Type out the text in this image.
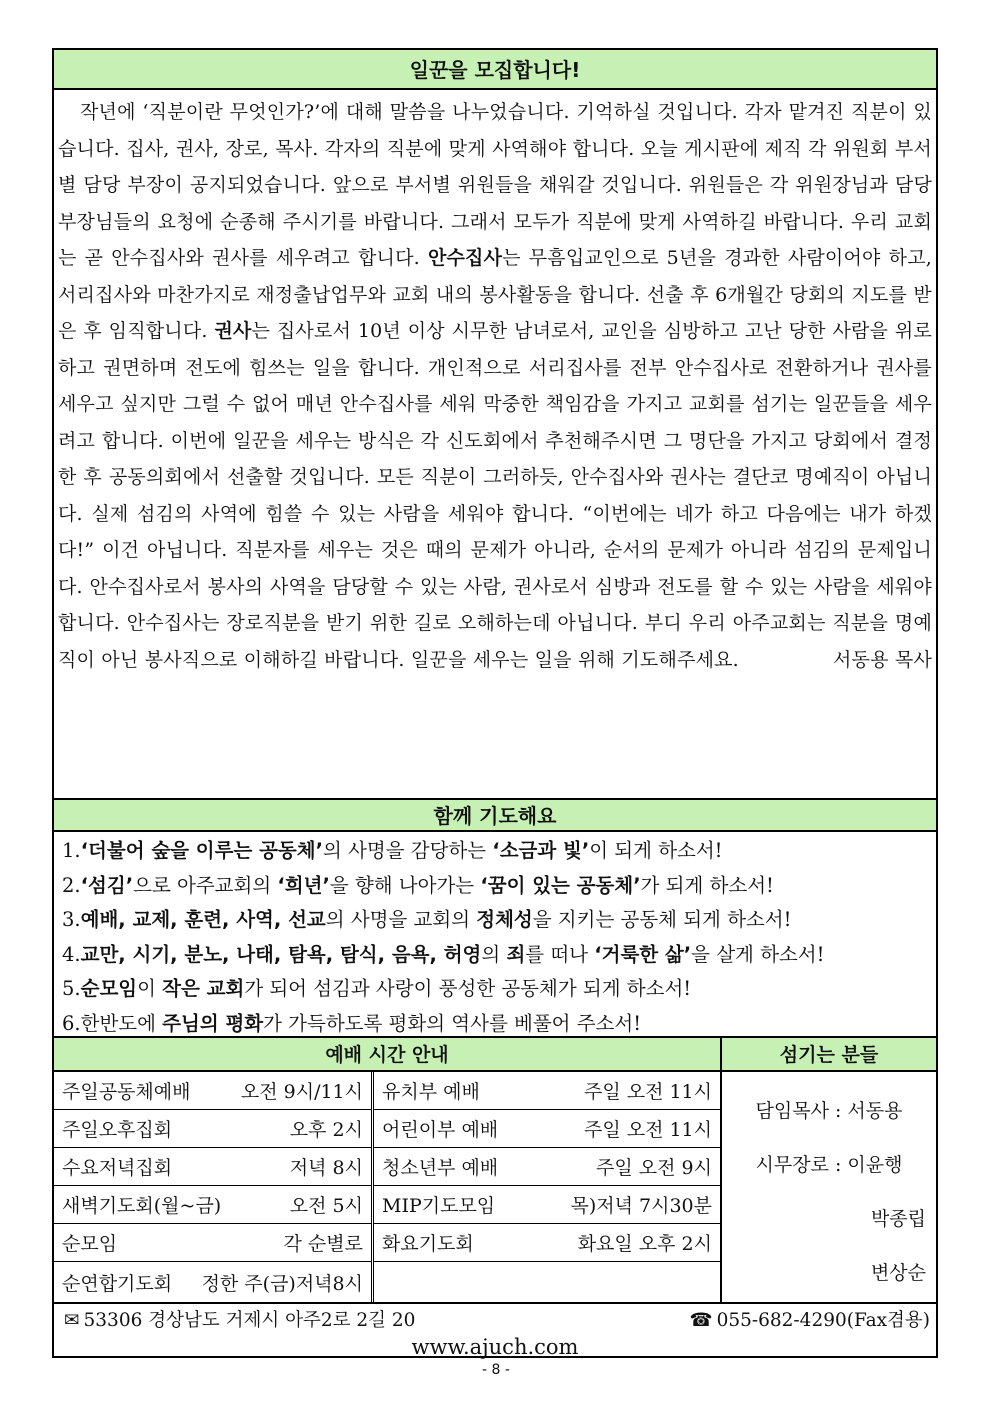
일꾼을 모집합니다!
작년에 ‘직분이란 무엇인가?’에 대해 말씀을 나누었습니다. 기억하실 것입니다. 각자 맡겨진 직분이 있습니다. 집사, 권사, 장로, 목사. 각자의 직분에 맞게 사역해야 합니다. 오늘 게시판에 제직 각 위원회 부서별 담당 부장이 공지되었습니다. 앞으로 부서별 위원들을 채워갈 것입니다. 위원들은 각 위원장님과 담당 부장님들의 요청에 순종해 주시기를 바랍니다. 그래서 모두가 직분에 맞게 사역하길 바랍니다. 우리 교회는 곧 안수집사와 권사를 세우려고 합니다. 안수집사는 무흠입교인으로 5년을 경과한 사람이어야 하고, 서리집사와 마찬가지로 재정출납업무와 교회 내의 봉사활동을 합니다. 선출 후 6개월간 당회의 지도를 받은 후 임직합니다. 권사는 집사로서 10년 이상 시무한 남녀로서, 교인을 심방하고 고난 당한 사람을 위로하고 권면하며 전도에 힘쓰는 일을 합니다. 개인적으로 서리집사를 전부 안수집사로 전환하거나 권사를 세우고 싶지만 그럴 수 없어 매년 안수집사를 세워 막중한 책임감을 가지고 교회를 섬기는 일꾼들을 세우려고 합니다. 이번에 일꾼을 세우는 방식은 각 신도회에서 추천해주시면 그 명단을 가지고 당회에서 결정한 후 공동의회에서 선출할 것입니다. 모든 직분이 그러하듯, 안수집사와 권사는 결단코 명예직이 아닙니다. 실제 섬김의 사역에 힘쓸 수 있는 사람을 세워야 합니다. “이번에는 네가 하고 다음에는 내가 하겠다!” 이건 아닙니다. 직분자를 세우는 것은 때의 문제가 아니라, 순서의 문제가 아니라 섬김의 문제입니다. 안수집사로서 봉사의 사역을 담당할 수 있는 사람, 권사로서 심방과 전도를 할 수 있는 사람을 세워야 합니다. 안수집사는 장로직분을 받기 위한 길로 오해하는데 아닙니다. 부디 우리 아주교회는 직분을 명예직이 아닌 봉사직으로 이해하길 바랍니다. 일꾼을 세우는 일을 위해 기도해주세요.	서동용 목사
함께 기도해요
1.‘더불어 숲을 이루는 공동체’의 사명을 감당하는 ‘소금과 빛’이 되게 하소서!
2.‘섬김’으로 아주교회의 ‘희년’을 향해 나아가는 ‘꿈이 있는 공동체’가 되게 하소서!
3.예배, 교제, 훈련, 사역, 선교의 사명을 교회의 정체성을 지키는 공동체 되게 하소서!
4.교만, 시기, 분노, 나태, 탐욕, 탐식, 음욕, 허영의 죄를 떠나 ‘거룩한 삶’을 살게 하소서!
5.순모임이 작은 교회가 되어 섬김과 사랑이 풍성한 공동체가 되게 하소서!
6.한반도에 주님의 평화가 가득하도록 평화의 역사를 베풀어 주소서!
예배 시간 안내
주일공동체예배	오전 9시/11시
주일오후집회	오후 2시
수요저녁집회	저녁 8시
새벽기도회(월~금)	오전 5시
순모임	각 순별로
순연합기도회 정한 주(금)저녁8시
유치부 예배	주일 오전 11시
어린이부 예배	주일 오전 11시
청소년부 예배	주일 오전 9시
MIP기도모임	목)저녁 7시30분
화요기도회	화요일 오후 2시
섬기는 분들
담임목사 : 서동용
시무장로 : 이윤행
박종립
변상순
✉ 53306 경상남도 거제시 아주2로 2길 20	☎ 055-682-4290(Fax겸용)
www.ajuch.com
- 8 -
